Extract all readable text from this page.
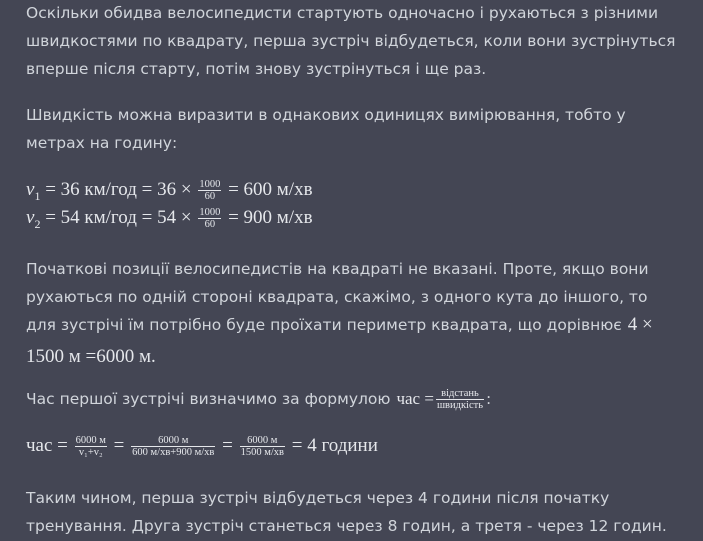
Оскільки обидва велосипедисти стартують одночасно і рухаються з різними швидкостями по квадрату, перша зустріч відбудеться, коли вони зустрінуться вперше після старту, потім знову зустрінуться і ще раз.

Швидкість можна виразити в однакових одиницях вимірювання, тобто у метрах на годину:

$v_1 = 36$ $км/год = 36 \times \frac{1000}{60} = 600$ м/хв
$v_2 = 54$ $км/год = 54 \times \frac{1000}{60} = 900$ м/хв

Початкові позиції велосипедистів на квадраті не вказані. Проте, якщо вони рухаються по одній стороні квадрата, скажімо, з одного кута до іншого, то для зустрічі їм потрібно буде проїхати периметр квадрата, що дорівнює 4 × 1500 м =6000 м.

Час першої зустрічі визначимо за формулою час = $\frac{\text{відстань}}{\text{швидкість}}$ :

час = $\frac{6000 м}{\text{v₁+v₂}} = \frac{6000 м}{600 м/хв+900 м/хв} = \frac{6000 м}{1500 м/хв} = 4$ години

Таким чином, перша зустріч відбудеться через 4 години після початку тренування. Друга зустріч станеться через 8 годин, а третя - через 12 годин.
